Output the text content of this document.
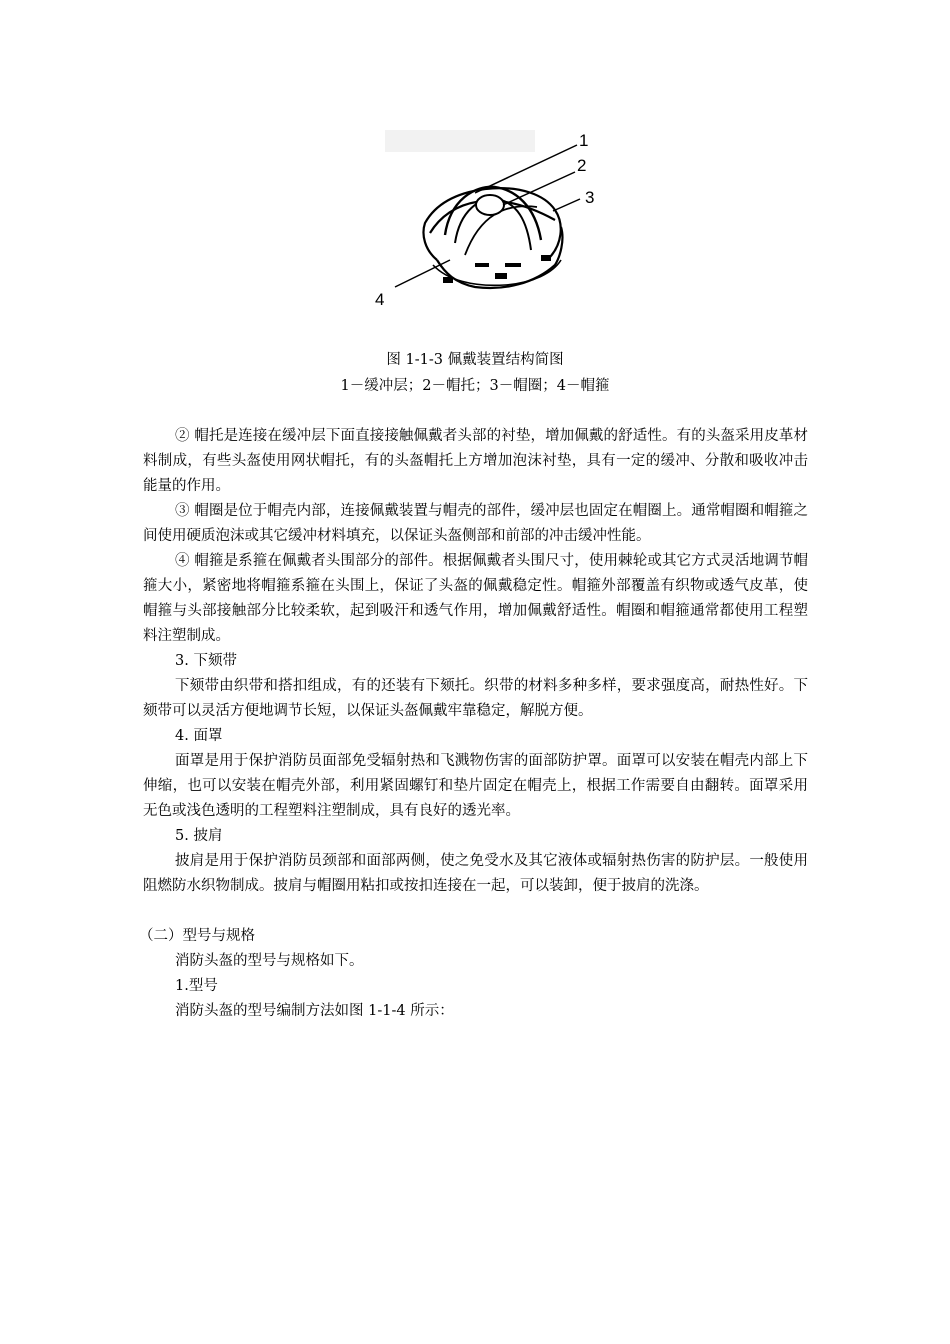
1
2
3
4
图 1-1-3 佩戴装置结构简图
1－缓冲层；2－帽托；3－帽圈；4－帽箍

② 帽托是连接在缓冲层下面直接接触佩戴者头部的衬垫，增加佩戴的舒适性。有的头盔采用皮革材料制成，有些头盔使用网状帽托，有的头盔帽托上方增加泡沫衬垫，具有一定的缓冲、分散和吸收冲击能量的作用。

③ 帽圈是位于帽壳内部，连接佩戴装置与帽壳的部件，缓冲层也固定在帽圈上。通常帽圈和帽箍之间使用硬质泡沫或其它缓冲材料填充，以保证头盔侧部和前部的冲击缓冲性能。

④ 帽箍是系箍在佩戴者头围部分的部件。根据佩戴者头围尺寸，使用棘轮或其它方式灵活地调节帽箍大小，紧密地将帽箍系箍在头围上，保证了头盔的佩戴稳定性。帽箍外部覆盖有织物或透气皮革，使帽箍与头部接触部分比较柔软，起到吸汗和透气作用，增加佩戴舒适性。帽圈和帽箍通常都使用工程塑料注塑制成。

3. 下颏带

下颏带由织带和搭扣组成，有的还装有下颏托。织带的材料多种多样，要求强度高，耐热性好。下颏带可以灵活方便地调节长短，以保证头盔佩戴牢靠稳定，解脱方便。

4. 面罩

面罩是用于保护消防员面部免受辐射热和飞溅物伤害的面部防护罩。面罩可以安装在帽壳内部上下伸缩，也可以安装在帽壳外部，利用紧固螺钉和垫片固定在帽壳上，根据工作需要自由翻转。面罩采用无色或浅色透明的工程塑料注塑制成，具有良好的透光率。

5. 披肩

披肩是用于保护消防员颈部和面部两侧，使之免受水及其它液体或辐射热伤害的防护层。一般使用阻燃防水织物制成。披肩与帽圈用粘扣或按扣连接在一起，可以装卸，便于披肩的洗涤。

（二）型号与规格

消防头盔的型号与规格如下。

1.型号

消防头盔的型号编制方法如图 1-1-4 所示：
